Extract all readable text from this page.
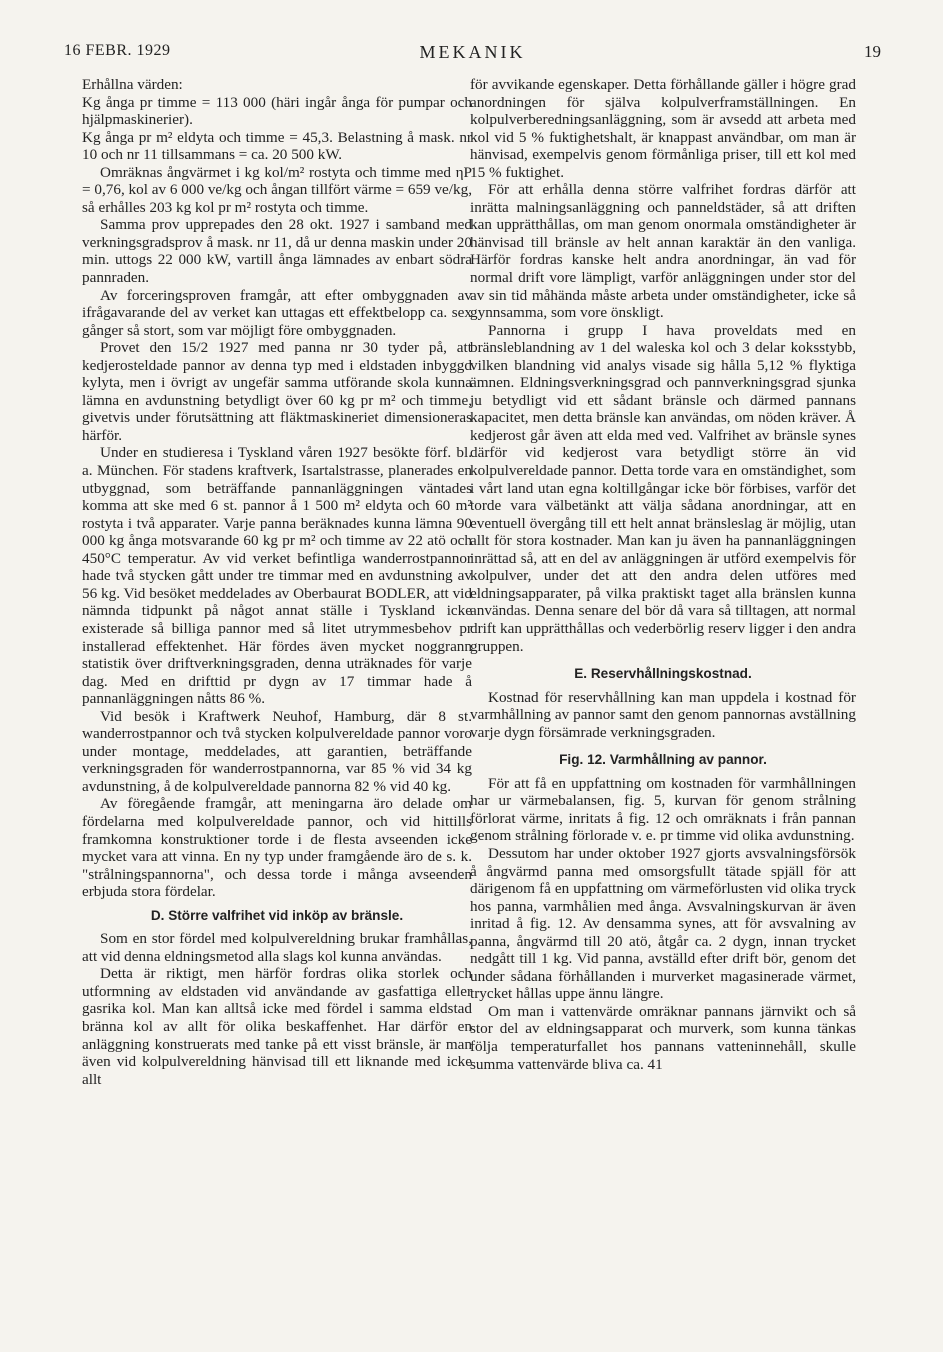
16 FEBR. 1929	MEKANIK	19

Erhållna värden:

Kg ånga pr timme = 113 000 (häri ingår ånga för pumpar och hjälpmaskinerier).

Kg ånga pr m² eldyta och timme = 45,3. Belastning å mask. nr 10 och nr 11 tillsammans = ca. 20 500 kW.

Omräknas ångvärmet i kg kol/m² rostyta och timme med ηP = 0,76, kol av 6 000 ve/kg och ångan tillfört värme = 659 ve/kg, så erhålles 203 kg kol pr m² rostyta och timme.

Samma prov upprepades den 28 okt. 1927 i samband med verkningsgradsprov å mask. nr 11, då ur denna maskin under 20 min. uttogs 22 000 kW, vartill ånga lämnades av enbart södra pannraden.

Av forceringsproven framgår, att efter ombyggnaden av ifrågavarande del av verket kan uttagas ett effektbelopp ca. sex gånger så stort, som var möjligt före ombyggnaden.

Provet den 15/2 1927 med panna nr 30 tyder på, att kedjerosteldade pannor av denna typ med i eldstaden inbyggd kylyta, men i övrigt av ungefär samma utförande skola kunna lämna en avdunstning betydligt över 60 kg pr m² och timme, givetvis under förutsättning att fläktmaskineriet dimensioneras härför.

Under en studieresa i Tyskland våren 1927 besökte förf. bl. a. München. För stadens kraftverk, Isartalstrasse, planerades en utbyggnad, som beträffande pannanläggningen väntades komma att ske med 6 st. pannor å 1 500 m² eldyta och 60 m² rostyta i två apparater. Varje panna beräknades kunna lämna 90 000 kg ånga motsvarande 60 kg pr m² och timme av 22 atö och 450°C temperatur. Av vid verket befintliga wanderrostpannor hade två stycken gått under tre timmar med en avdunstning av 56 kg. Vid besöket meddelades av Oberbaurat BODLER, att vid nämnda tidpunkt på något annat ställe i Tyskland icke existerade så billiga pannor med så litet utrymmesbehov pr installerad effektenhet. Här fördes även mycket noggrann statistik över driftverkningsgraden, denna uträknades för varje dag. Med en drifttid pr dygn av 17 timmar hade å pannanläggningen nåtts 86 %.

Vid besök i Kraftwerk Neuhof, Hamburg, där 8 st. wanderrostpannor och två stycken kolpulvereldade pannor voro under montage, meddelades, att garantien, beträffande verkningsgraden för wanderrostpannorna, var 85 % vid 34 kg avdunstning, å de kolpulvereldade pannorna 82 % vid 40 kg.

Av föregående framgår, att meningarna äro delade om fördelarna med kolpulvereldade pannor, och vid hittills framkomna konstruktioner torde i de flesta avseenden icke mycket vara att vinna. En ny typ under framgående äro de s. k. "strålningspannorna", och dessa torde i många avseenden erbjuda stora fördelar.

D. Större valfrihet vid inköp av bränsle.

Som en stor fördel med kolpulvereldning brukar framhållas, att vid denna eldningsmetod alla slags kol kunna användas.

Detta är riktigt, men härför fordras olika storlek och utformning av eldstaden vid användande av gasfattiga eller gasrika kol. Man kan alltså icke med fördel i samma eldstad bränna kol av allt för olika beskaffenhet. Har därför en anläggning konstruerats med tanke på ett visst bränsle, är man även vid kolpulvereldning hänvisad till ett liknande med icke allt

för avvikande egenskaper. Detta förhållande gäller i högre grad anordningen för själva kolpulverframställningen. En kolpulverberedningsanläggning, som är avsedd att arbeta med kol vid 5 % fuktighetshalt, är knappast användbar, om man är hänvisad, exempelvis genom förmånliga priser, till ett kol med 15 % fuktighet.

För att erhålla denna större valfrihet fordras därför att inrätta malningsanläggning och panneldstäder, så att driften kan upprätthållas, om man genom onormala omständigheter är hänvisad till bränsle av helt annan karaktär än den vanliga. Härför fordras kanske helt andra anordningar, än vad för normal drift vore lämpligt, varför anläggningen under stor del av sin tid måhända måste arbeta under omständigheter, icke så gynnsamma, som vore önskligt.

Pannorna i grupp I hava proveldats med en bränsleblandning av 1 del waleska kol och 3 delar koksstybb, vilken blandning vid analys visade sig hålla 5,12 % flyktiga ämnen. Eldningsverkningsgrad och pannverkningsgrad sjunka ju betydligt vid ett sådant bränsle och därmed pannans kapacitet, men detta bränsle kan användas, om nöden kräver. Å kedjerost går även att elda med ved. Valfrihet av bränsle synes därför vid kedjerost vara betydligt större än vid kolpulvereldade pannor. Detta torde vara en omständighet, som i vårt land utan egna koltillgångar icke bör förbises, varför det torde vara välbetänkt att välja sådana anordningar, att en eventuell övergång till ett helt annat bränsleslag är möjlig, utan allt för stora kostnader. Man kan ju även ha pannanläggningen inrättad så, att en del av anläggningen är utförd exempelvis för kolpulver, under det att den andra delen utföres med eldningsapparater, på vilka praktiskt taget alla bränslen kunna användas. Denna senare del bör då vara så tilltagen, att normal drift kan upprätthållas och vederbörlig reserv ligger i den andra gruppen.

E. Reservhållningskostnad.

Kostnad för reservhållning kan man uppdela i kostnad för varmhållning av pannor samt den genom pannornas avställning varje dygn försämrade verkningsgraden.

Fig. 12. Varmhållning av pannor.

För att få en uppfattning om kostnaden för varmhållningen har ur värmebalansen, fig. 5, kurvan för genom strålning förlorat värme, inritats å fig. 12 och omräknats i från pannan genom strålning förlorade v. e. pr timme vid olika avdunstning.

Dessutom har under oktober 1927 gjorts avsvalningsförsök å ångvärmd panna med omsorgsfullt tätade spjäll för att därigenom få en uppfattning om värmeförlusten vid olika tryck hos panna, varmhålien med ånga. Avsvalningskurvan är även inritad å fig. 12. Av densamma synes, att för avsvalning av panna, ångvärmd till 20 atö, åtgår ca. 2 dygn, innan trycket nedgått till 1 kg. Vid panna, avställd efter drift bör, genom det under sådana förhållanden i murverket magasinerade värmet, trycket hållas uppe ännu längre.

Om man i vattenvärde omräknar pannans järnvikt och så stor del av eldningsapparat och murverk, som kunna tänkas följa temperaturfallet hos pannans vatteninnehåll, skulle summa vattenvärde bliva ca. 41
